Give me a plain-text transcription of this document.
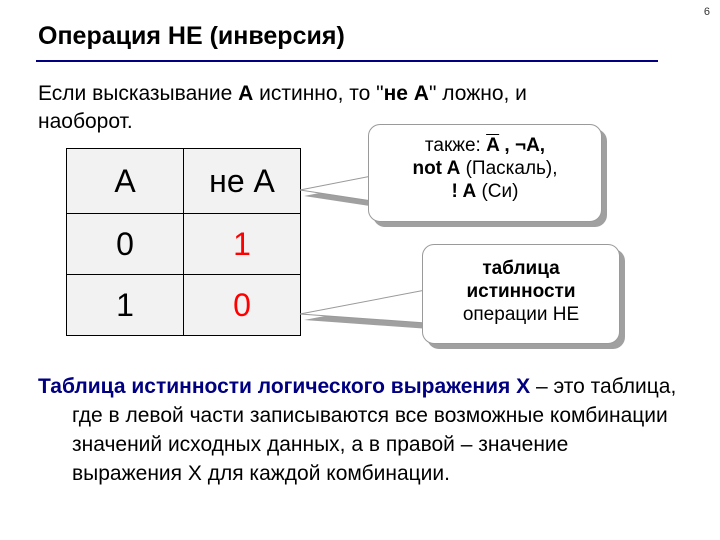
6
Операция НЕ (инверсия)
Если высказывание A истинно, то "не A" ложно, и наоборот.
A	не A
0	1
1	0
также: $\overline{A}$ , ¬A,
not A (Паскаль),
! A (Си)
таблица
истинности
операции НЕ
Таблица истинности логического выражения X – это таблица, где в левой части записываются все возможные комбинации значений исходных данных, а в правой – значение выражения X для каждой комбинации.
